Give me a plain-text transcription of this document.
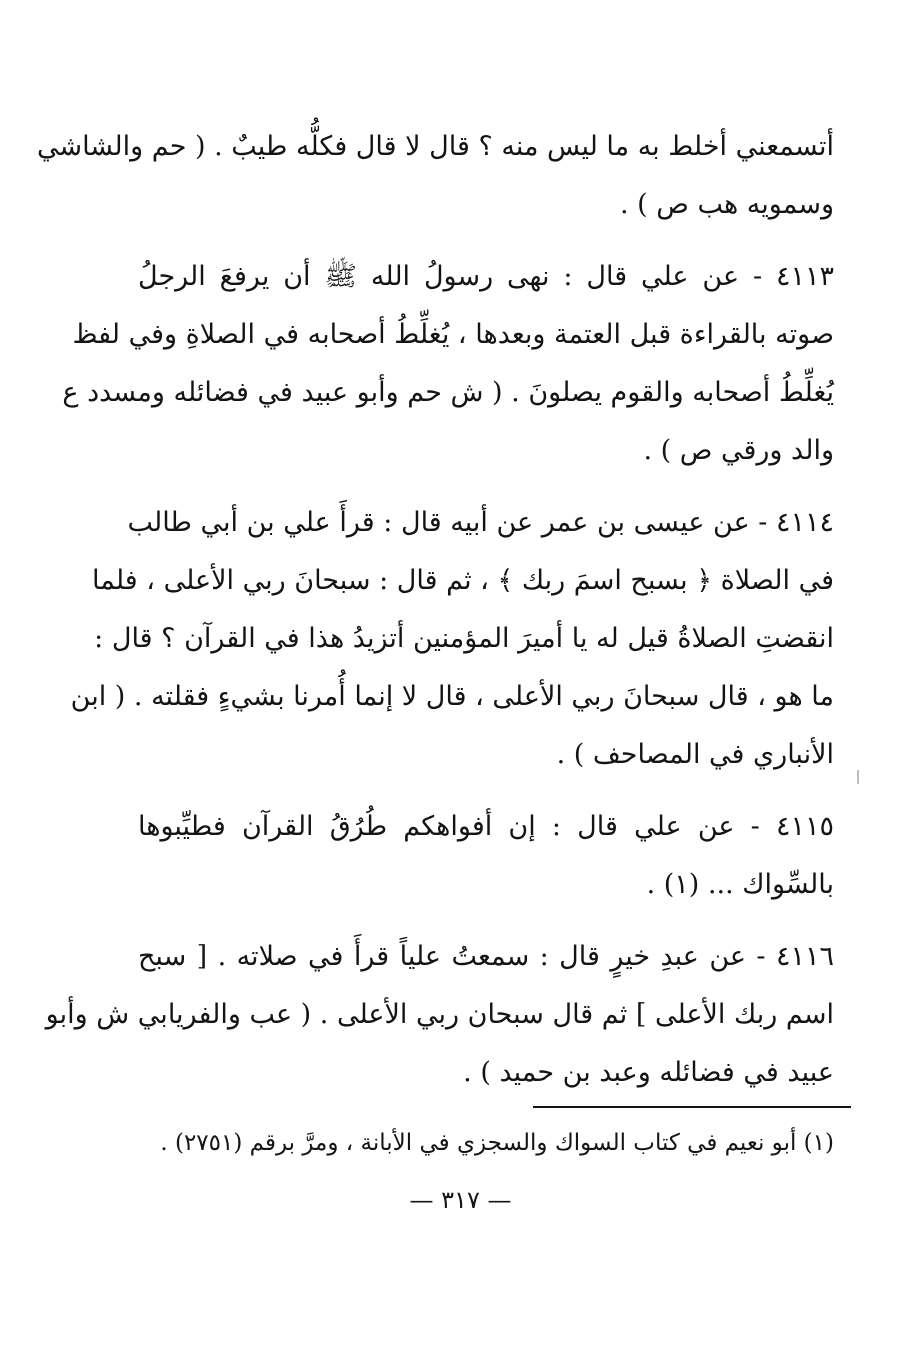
أتسمعني أخلط به ما ليس منه ؟ قال لا قال فكلُّه طيبٌ . ( حم والشاشي
وسمويه هب ص ) .
٤١١٣ - عن علي قال : نهى رسولُ الله ﷺ أن يرفعَ الرجلُ
صوته بالقراءة قبل العتمة وبعدها ، يُغلِّطُ أصحابه في الصلاةِ وفي لفظ
يُغلِّطُ أصحابه والقوم يصلونَ . ( ش حم وأبو عبيد في فضائله ومسدد ع
والد ورقي ص ) .
٤١١٤ - عن عيسى بن عمر عن أبيه قال : قرأَ علي بن أبي طالب
في الصلاة ﴿ بسبح اسمَ ربك ﴾ ، ثم قال : سبحانَ ربي الأعلى ، فلما
انقضتِ الصلاةُ قيل له يا أميرَ المؤمنين أتزيدُ هذا في القرآن ؟ قال :
ما هو ، قال سبحانَ ربي الأعلى ، قال لا إنما أُمرنا بشيءٍ فقلته . ( ابن
الأنباري في المصاحف ) .
٤١١٥ - عن علي قال : إن أفواهكم طُرُقُ القرآن فطيِّبوها
بالسِّواك ... (١) .
٤١١٦ - عن عبدِ خيرٍ قال : سمعتُ علياً قرأَ في صلاته . [ سبح
اسم ربك الأعلى ] ثم قال سبحان ربي الأعلى . ( عب والفريابي ش وأبو
عبيد في فضائله وعبد بن حميد ) .
(١) أبو نعيم في كتاب السواك والسجزي في الأبانة ، ومرَّ برقم (٢٧٥١) .
— ٣١٧ —
